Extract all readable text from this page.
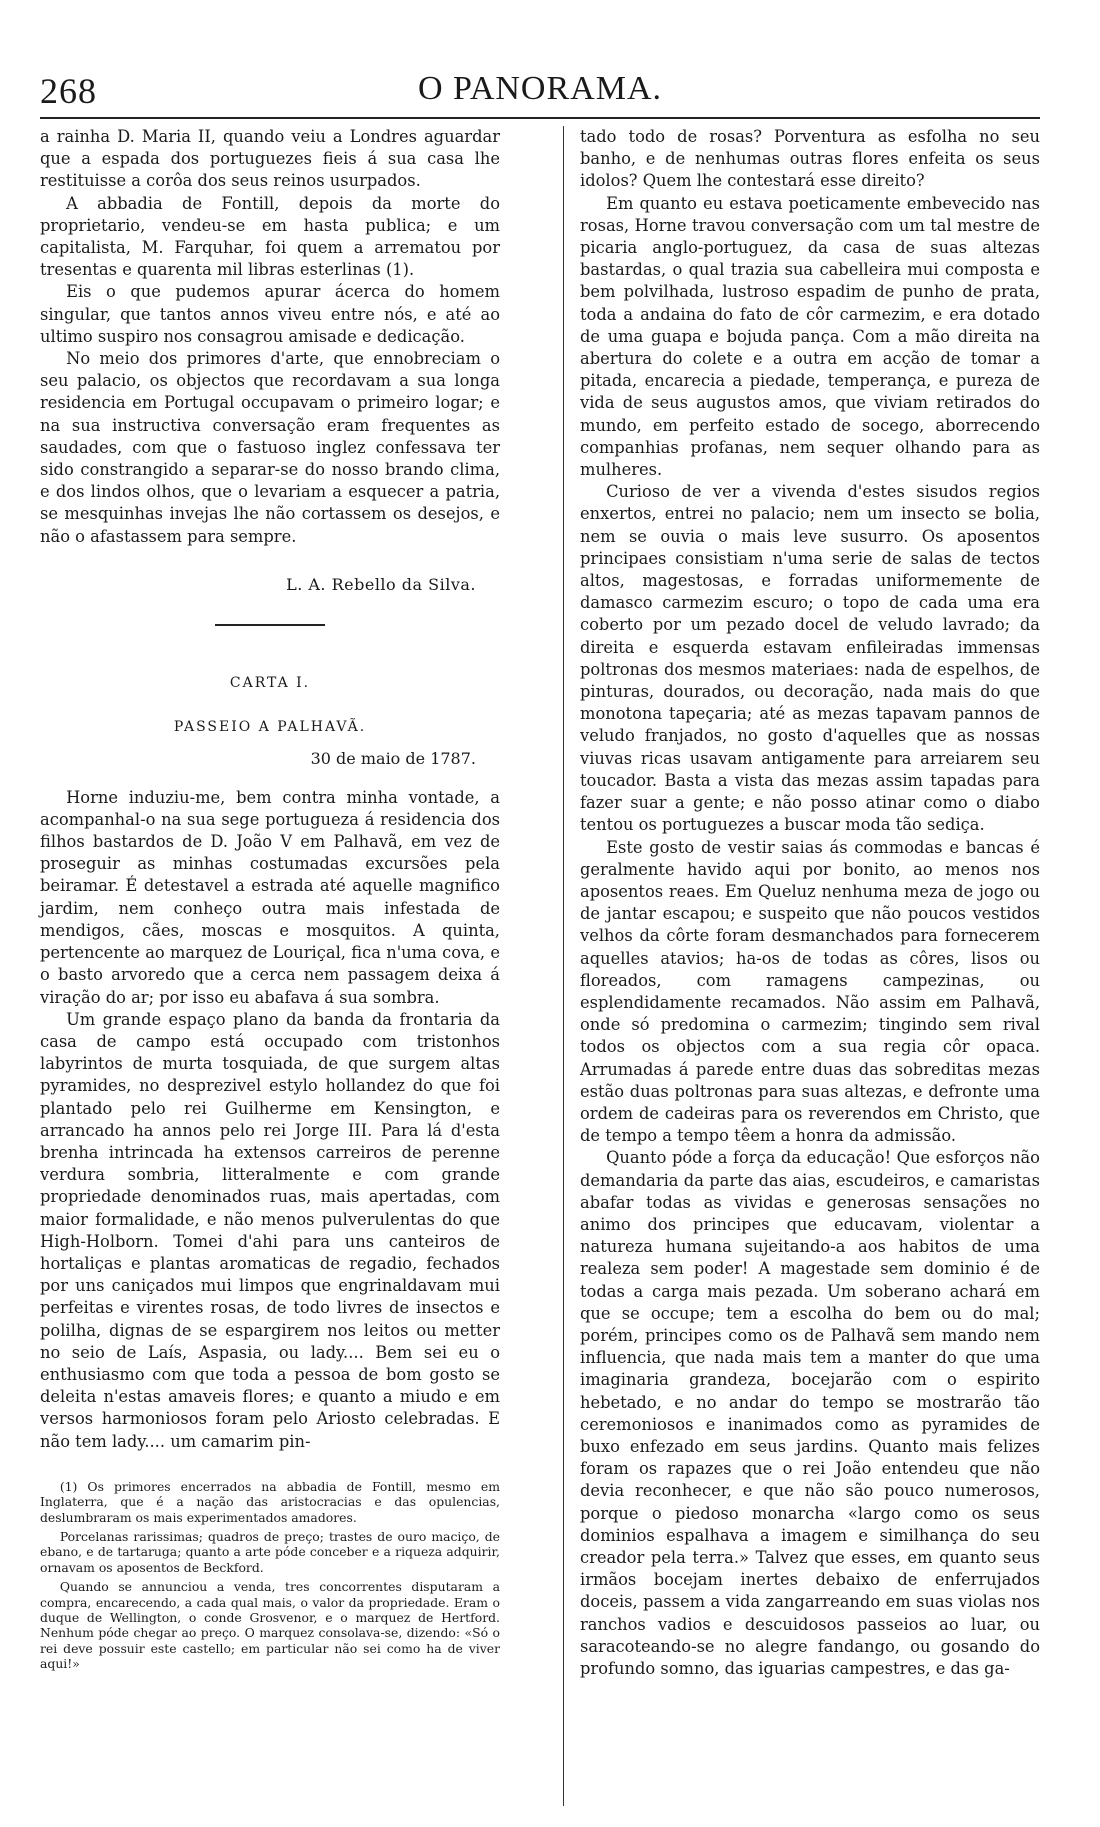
268	O PANORAMA.

a rainha D. Maria II, quando veiu a Londres aguardar que a espada dos portuguezes fieis á sua casa lhe restituisse a corôa dos seus reinos usurpados.

A abbadia de Fontill, depois da morte do proprietario, vendeu-se em hasta publica; e um capitalista, M. Farquhar, foi quem a arrematou por tresentas e quarenta mil libras esterlinas (1).

Eis o que pudemos apurar ácerca do homem singular, que tantos annos viveu entre nós, e até ao ultimo suspiro nos consagrou amisade e dedicação.

No meio dos primores d'arte, que ennobreciam o seu palacio, os objectos que recordavam a sua longa residencia em Portugal occupavam o primeiro logar; e na sua instructiva conversação eram frequentes as saudades, com que o fastuoso inglez confessava ter sido constrangido a separar-se do nosso brando clima, e dos lindos olhos, que o levariam a esquecer a patria, se mesquinhas invejas lhe não cortassem os desejos, e não o afastassem para sempre.

L. A. Rebello da Silva.
CARTA I.
PASSEIO A PALHAVÃ.
30 de maio de 1787.

Horne induziu-me, bem contra minha vontade, a acompanhal-o na sua sege portugueza á residencia dos filhos bastardos de D. João V em Palhavã, em vez de proseguir as minhas costumadas excursões pela beiramar. É detestavel a estrada até aquelle magnifico jardim, nem conheço outra mais infestada de mendigos, cães, moscas e mosquitos. A quinta, pertencente ao marquez de Louriçal, fica n'uma cova, e o basto arvoredo que a cerca nem passagem deixa á viração do ar; por isso eu abafava á sua sombra.

Um grande espaço plano da banda da frontaria da casa de campo está occupado com tristonhos labyrintos de murta tosquiada, de que surgem altas pyramides, no desprezivel estylo hollandez do que foi plantado pelo rei Guilherme em Kensington, e arrancado ha annos pelo rei Jorge III. Para lá d'esta brenha intrincada ha extensos carreiros de perenne verdura sombria, litteralmente e com grande propriedade denominados ruas, mais apertadas, com maior formalidade, e não menos pulverulentas do que High-Holborn. Tomei d'ahi para uns canteiros de hortaliças e plantas aromaticas de regadio, fechados por uns caniçados mui limpos que engrinaldavam mui perfeitas e virentes rosas, de todo livres de insectos e polilha, dignas de se espargirem nos leitos ou metter no seio de Laís, Aspasia, ou lady.... Bem sei eu o enthusiasmo com que toda a pessoa de bom gosto se deleita n'estas amaveis flores; e quanto a miudo e em versos harmoniosos foram pelo Ariosto celebradas. E não tem lady.... um camarim pin-

(1) Os primores encerrados na abbadia de Fontill, mesmo em Inglaterra, que é a nação das aristocracias e das opulencias, deslumbraram os mais experimentados amadores.

Porcelanas rarissimas; quadros de preço; trastes de ouro maciço, de ebano, e de tartaruga; quanto a arte póde conceber e a riqueza adquirir, ornavam os aposentos de Beckford.

Quando se annunciou a venda, tres concorrentes disputaram a compra, encarecendo, a cada qual mais, o valor da propriedade. Eram o duque de Wellington, o conde Grosvenor, e o marquez de Hertford. Nenhum póde chegar ao preço. O marquez consolava-se, dizendo: «Só o rei deve possuir este castello; em particular não sei como ha de viver aqui!»

tado todo de rosas? Porventura as esfolha no seu banho, e de nenhumas outras flores enfeita os seus idolos? Quem lhe contestará esse direito?

Em quanto eu estava poeticamente embevecido nas rosas, Horne travou conversação com um tal mestre de picaria anglo-portuguez, da casa de suas altezas bastardas, o qual trazia sua cabelleira mui composta e bem polvilhada, lustroso espadim de punho de prata, toda a andaina do fato de côr carmezim, e era dotado de uma guapa e bojuda pança. Com a mão direita na abertura do colete e a outra em acção de tomar a pitada, encarecia a piedade, temperança, e pureza de vida de seus augustos amos, que viviam retirados do mundo, em perfeito estado de socego, aborrecendo companhias profanas, nem sequer olhando para as mulheres.

Curioso de ver a vivenda d'estes sisudos regios enxertos, entrei no palacio; nem um insecto se bolia, nem se ouvia o mais leve susurro. Os aposentos principaes consistiam n'uma serie de salas de tectos altos, magestosas, e forradas uniformemente de damasco carmezim escuro; o topo de cada uma era coberto por um pezado docel de veludo lavrado; da direita e esquerda estavam enfileiradas immensas poltronas dos mesmos materiaes: nada de espelhos, de pinturas, dourados, ou decoração, nada mais do que monotona tapeçaria; até as mezas tapavam pannos de veludo franjados, no gosto d'aquelles que as nossas viuvas ricas usavam antigamente para arreiarem seu toucador. Basta a vista das mezas assim tapadas para fazer suar a gente; e não posso atinar como o diabo tentou os portuguezes a buscar moda tão sediça.

Este gosto de vestir saias ás commodas e bancas é geralmente havido aqui por bonito, ao menos nos aposentos reaes. Em Queluz nenhuma meza de jogo ou de jantar escapou; e suspeito que não poucos vestidos velhos da côrte foram desmanchados para fornecerem aquelles atavios; ha-os de todas as côres, lisos ou floreados, com ramagens campezinas, ou esplendidamente recamados. Não assim em Palhavã, onde só predomina o carmezim; tingindo sem rival todos os objectos com a sua regia côr opaca. Arrumadas á parede entre duas das sobreditas mezas estão duas poltronas para suas altezas, e defronte uma ordem de cadeiras para os reverendos em Christo, que de tempo a tempo têem a honra da admissão.

Quanto póde a força da educação! Que esforços não demandaria da parte das aias, escudeiros, e camaristas abafar todas as vividas e generosas sensações no animo dos principes que educavam, violentar a natureza humana sujeitando-a aos habitos de uma realeza sem poder! A magestade sem dominio é de todas a carga mais pezada. Um soberano achará em que se occupe; tem a escolha do bem ou do mal; porém, principes como os de Palhavã sem mando nem influencia, que nada mais tem a manter do que uma imaginaria grandeza, bocejarão com o espirito hebetado, e no andar do tempo se mostrarão tão ceremoniosos e inanimados como as pyramides de buxo enfezado em seus jardins. Quanto mais felizes foram os rapazes que o rei João entendeu que não devia reconhecer, e que não são pouco numerosos, porque o piedoso monarcha «largo como os seus dominios espalhava a imagem e similhança do seu creador pela terra.» Talvez que esses, em quanto seus irmãos bocejam inertes debaixo de enferrujados doceis, passem a vida zangarreando em suas violas nos ranchos vadios e descuidosos passeios ao luar, ou saracoteando-se no alegre fandango, ou gosando do profundo somno, das iguarias campestres, e das ga-
